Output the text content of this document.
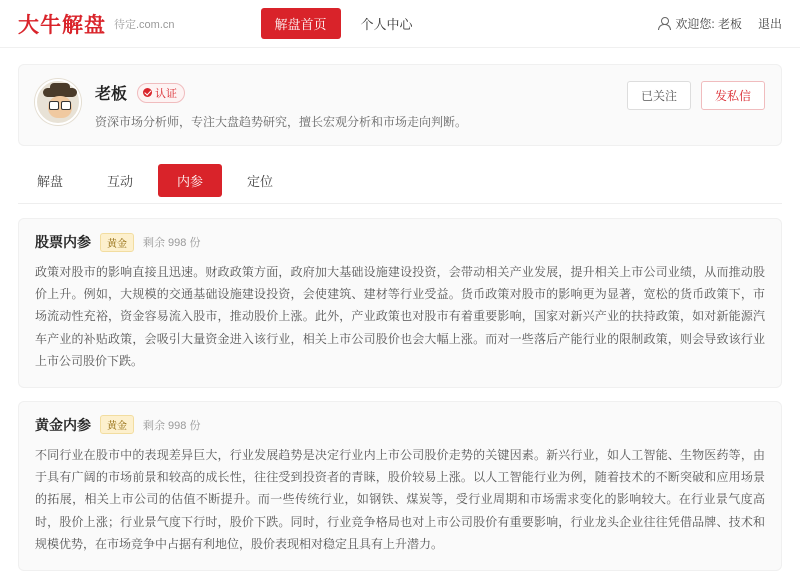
大牛解盘 待定.com.cn	解盘首页	个人中心	欢迎您: 老板 退出
老板	认证
资深市场分析师，专注大盘趋势研究，擅长宏观分析和市场走向判断。
已关注	发私信
解盘	互动	内参	定位
股票内参	黄金	剩余 998 份
政策对股市的影响直接且迅速。财政政策方面，政府加大基础设施建设投资，会带动相关产业发展，提升相关上市公司业绩，从而推动股价上升。例如，大规模的交通基础设施建设投资，会使建筑、建材等行业受益。货币政策对股市的影响更为显著，宽松的货币政策下，市场流动性充裕，资金容易流入股市，推动股价上涨。此外，产业政策也对股市有着重要影响，国家对新兴产业的扶持政策，如对新能源汽车产业的补贴政策，会吸引大量资金进入该行业，相关上市公司股价也会大幅上涨。而对一些落后产能行业的限制政策，则会导致该行业上市公司股价下跌。
黄金内参	黄金	剩余 998 份
不同行业在股市中的表现差异巨大，行业发展趋势是决定行业内上市公司股价走势的关键因素。新兴行业，如人工智能、生物医药等，由于具有广阔的市场前景和较高的成长性，往往受到投资者的青睐，股价较易上涨。以人工智能行业为例，随着技术的不断突破和应用场景的拓展，相关上市公司的估值不断提升。而一些传统行业，如钢铁、煤炭等，受行业周期和市场需求变化的影响较大。在行业景气度高时，股价上涨；行业景气度下行时，股价下跌。同时，行业竞争格局也对上市公司股价有重要影响，行业龙头企业往往凭借品牌、技术和规模优势，在市场竞争中占据有利地位，股价表现相对稳定且具有上升潜力。
